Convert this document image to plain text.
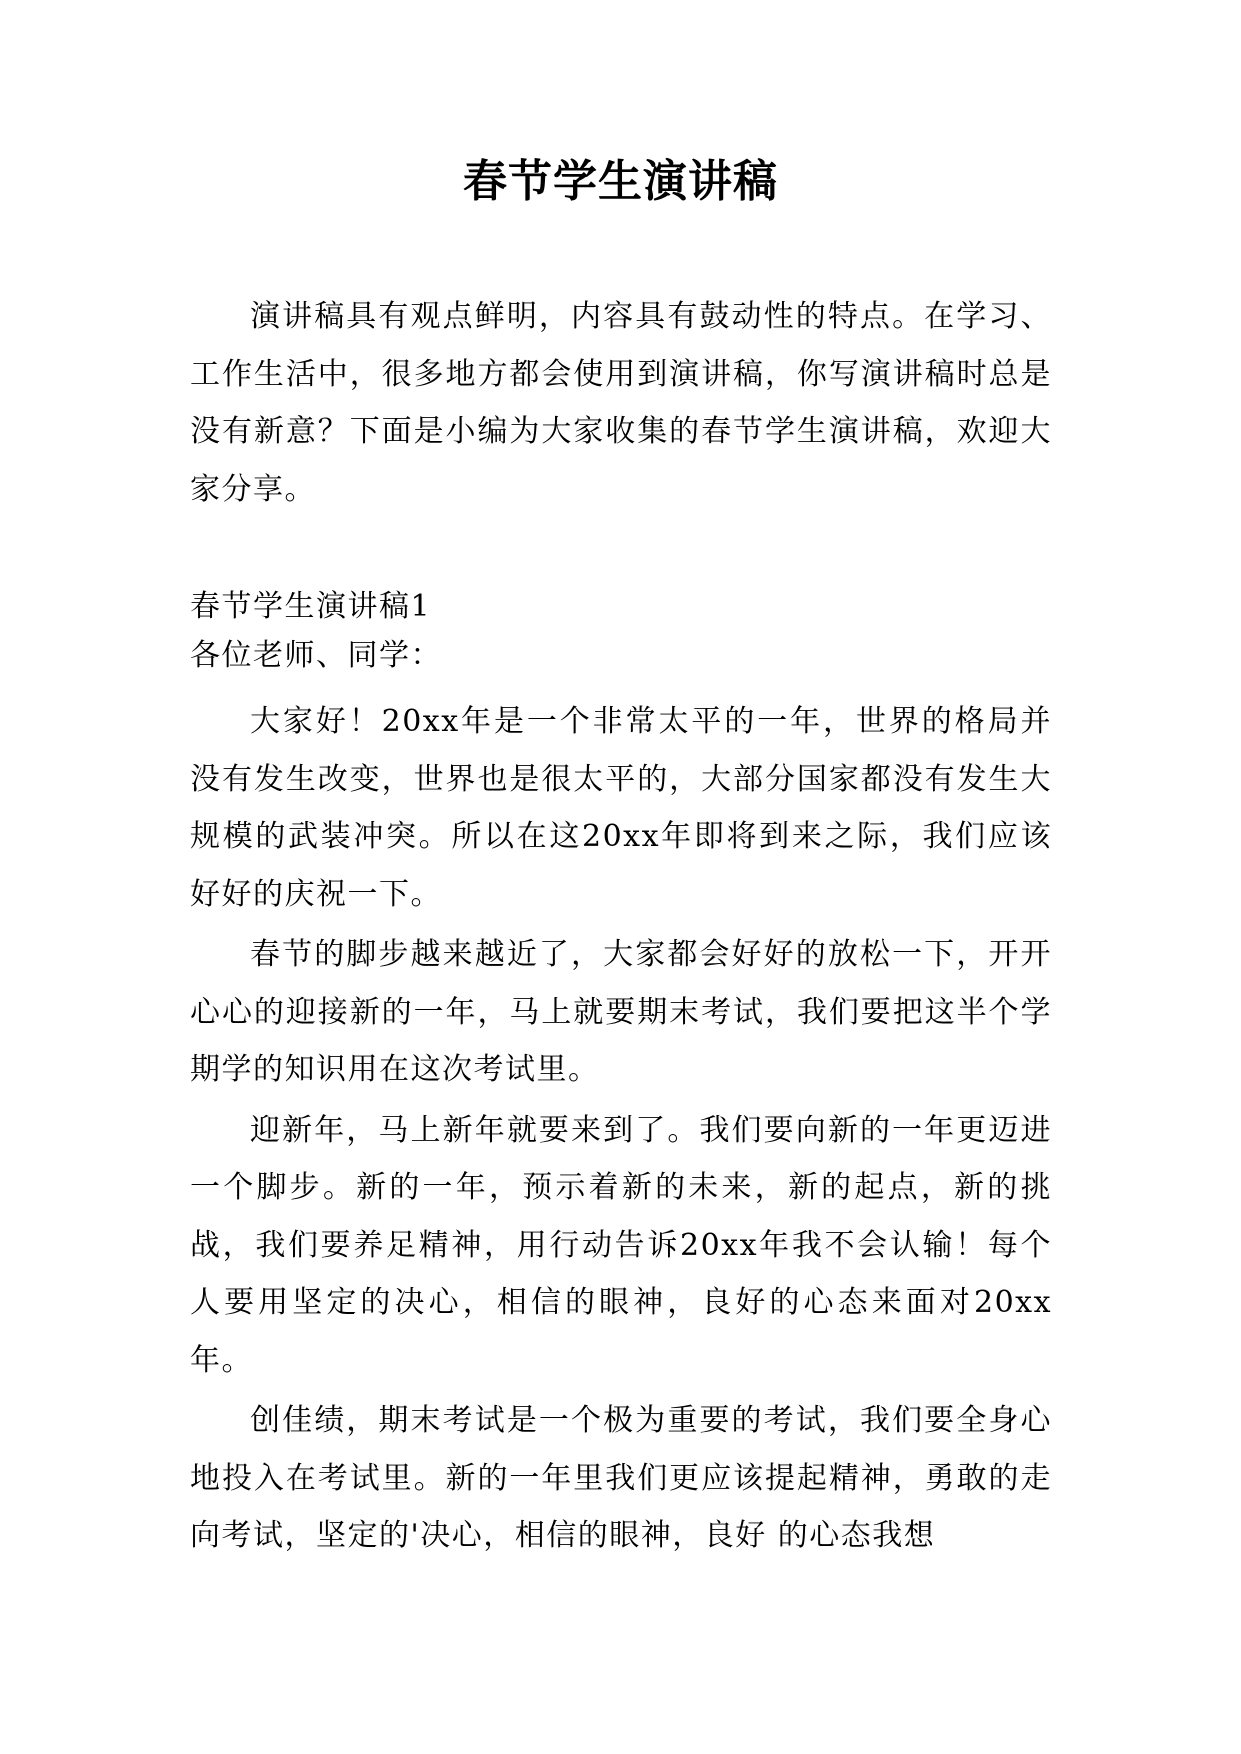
春节学生演讲稿

演讲稿具有观点鲜明，内容具有鼓动性的特点。在学习、工作生活中，很多地方都会使用到演讲稿，你写演讲稿时总是没有新意？下面是小编为大家收集的春节学生演讲稿，欢迎大家分享。

春节学生演讲稿1

各位老师、同学：

大家好！20xx年是一个非常太平的一年，世界的格局并没有发生改变，世界也是很太平的，大部分国家都没有发生大规模的武装冲突。所以在这20xx年即将到来之际，我们应该好好的庆祝一下。

春节的脚步越来越近了，大家都会好好的放松一下，开开心心的迎接新的一年，马上就要期末考试，我们要把这半个学期学的知识用在这次考试里。

迎新年，马上新年就要来到了。我们要向新的一年更迈进一个脚步。新的一年，预示着新的未来，新的起点，新的挑战，我们要养足精神，用行动告诉20xx年我不会认输！每个人要用坚定的决心，相信的眼神，良好的心态来面对20xx年。

创佳绩，期末考试是一个极为重要的考试，我们要全身心地投入在考试里。新的一年里我们更应该提起精神，勇敢的走向考试，坚定的'决心，相信的眼神，良好 的心态我想
